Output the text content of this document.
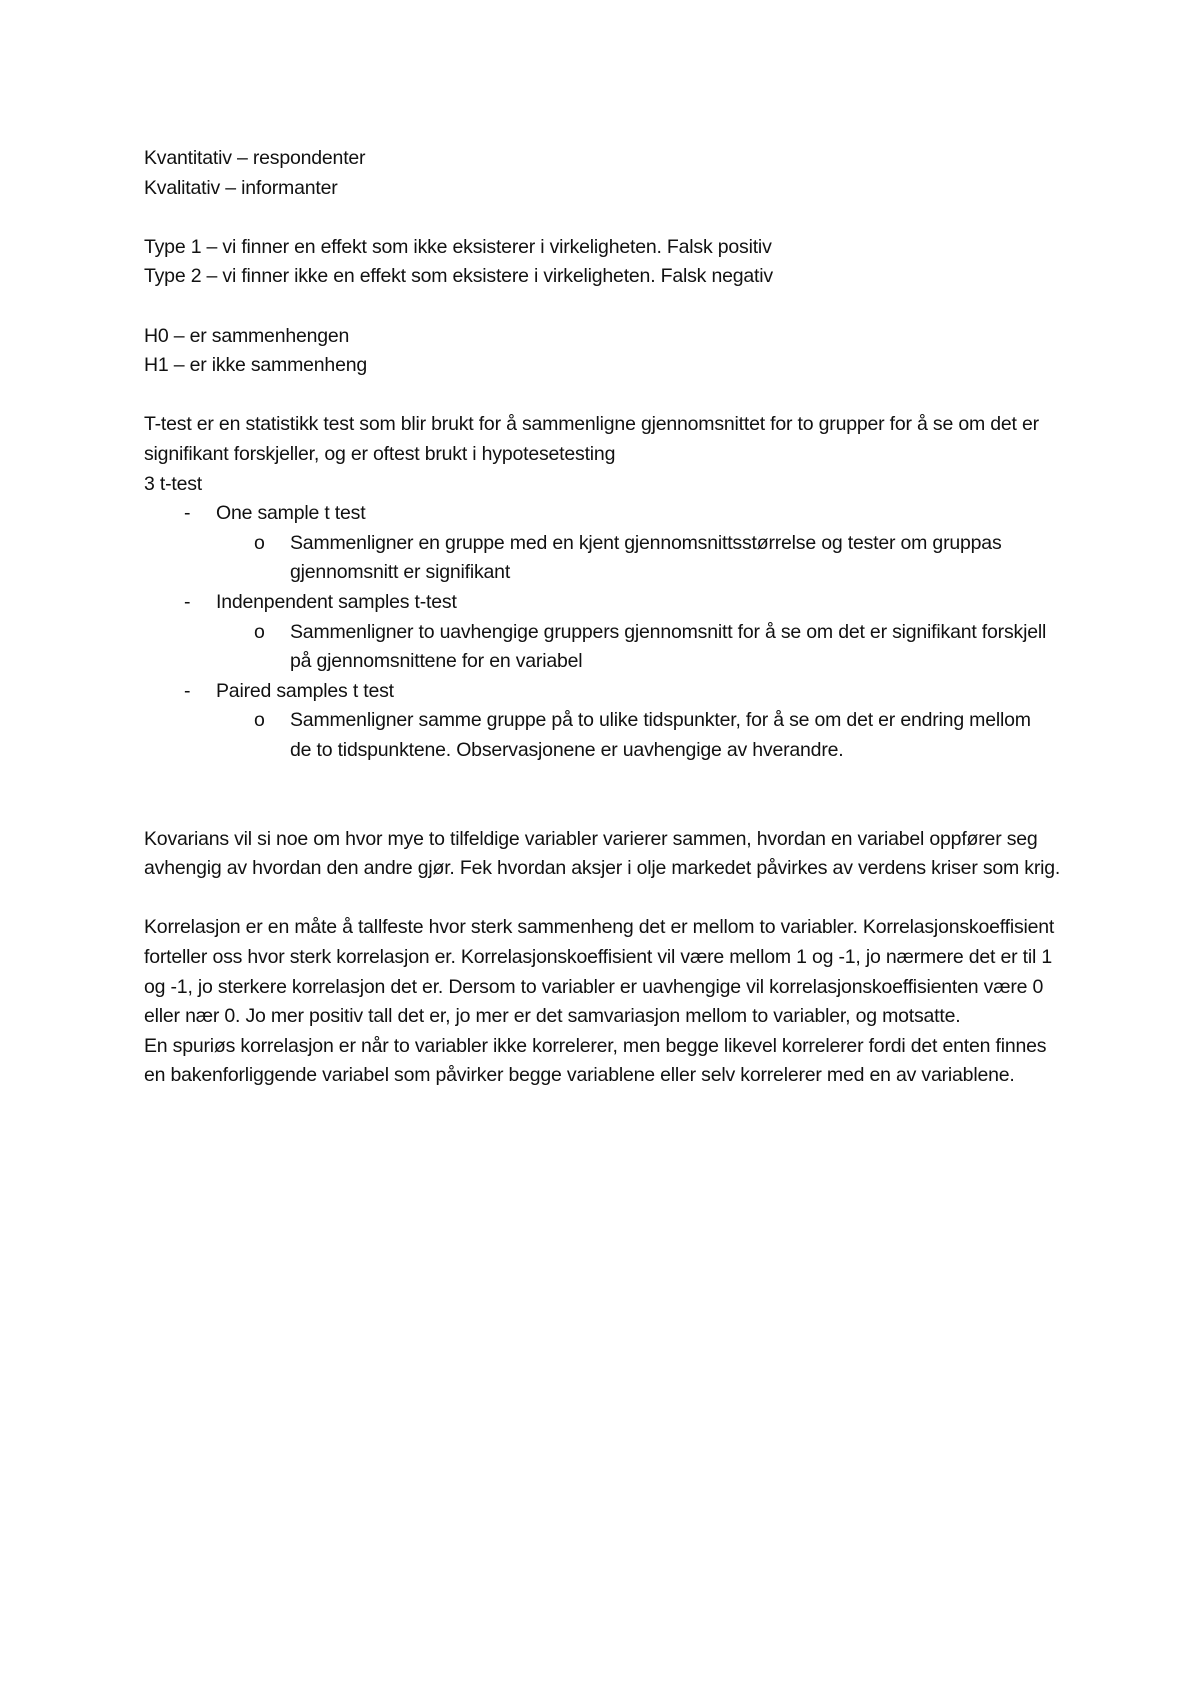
Kvantitativ – respondenter

Kvalitativ – informanter

Type 1 – vi finner en effekt som ikke eksisterer i virkeligheten. Falsk positiv

Type 2 – vi finner ikke en effekt som eksistere i virkeligheten. Falsk negativ

H0 – er sammenhengen

H1 – er ikke sammenheng

T-test er en statistikk test som blir brukt for å sammenligne gjennomsnittet for to grupper for å se om det er signifikant forskjeller, og er oftest brukt i hypotesetesting

3 t-test

- One sample t test

o Sammenligner en gruppe med en kjent gjennomsnittsstørrelse og tester om gruppas gjennomsnitt er signifikant

- Indenpendent samples t-test

o Sammenligner to uavhengige gruppers gjennomsnitt for å se om det er signifikant forskjell på gjennomsnittene for en variabel

- Paired samples t test

o Sammenligner samme gruppe på to ulike tidspunkter, for å se om det er endring mellom de to tidspunktene. Observasjonene er uavhengige av hverandre.

Kovarians vil si noe om hvor mye to tilfeldige variabler varierer sammen, hvordan en variabel oppfører seg avhengig av hvordan den andre gjør. Fek hvordan aksjer i olje markedet påvirkes av verdens kriser som krig.

Korrelasjon er en måte å tallfeste hvor sterk sammenheng det er mellom to variabler. Korrelasjonskoeffisient forteller oss hvor sterk korrelasjon er. Korrelasjonskoeffisient vil være mellom 1 og -1, jo nærmere det er til 1 og -1, jo sterkere korrelasjon det er. Dersom to variabler er uavhengige vil korrelasjonskoeffisienten være 0 eller nær 0. Jo mer positiv tall det er, jo mer er det samvariasjon mellom to variabler, og motsatte.

En spuriøs korrelasjon er når to variabler ikke korrelerer, men begge likevel korrelerer fordi det enten finnes en bakenforliggende variabel som påvirker begge variablene eller selv korrelerer med en av variablene.
